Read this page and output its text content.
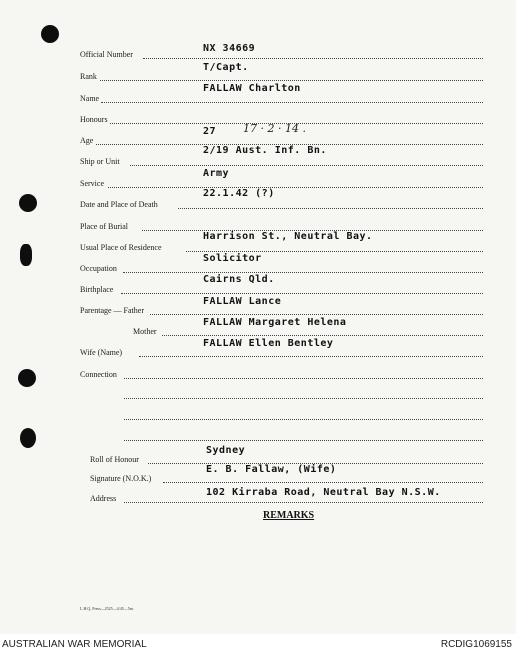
Official Number
NX 34669
Rank
T/Capt.
Name
FALLAW Charlton
Honours
Age
27 17 · 2 · 14 .
Ship or Unit
2/19 Aust. Inf. Bn.
Service
Army
Date and Place of Death
22.1.42 (?)
Place of Burial
Usual Place of Residence
Harrison St., Neutral Bay.
Occupation
Solicitor
Birthplace
Cairns Qld.
Parentage — Father
FALLAW Lance
Mother
FALLAW Margaret Helena
Wife (Name)
FALLAW Ellen Bentley
Connection
Roll of Honour
Sydney
Signature (N.O.K.)
E. B. Fallaw, (Wife)
Address
102 Kirraba Road, Neutral Bay N.S.W.
REMARKS
L.H.Q. Press—2525—4/45—5m.
AUSTRALIAN WAR MEMORIAL	RCDIG1069155
